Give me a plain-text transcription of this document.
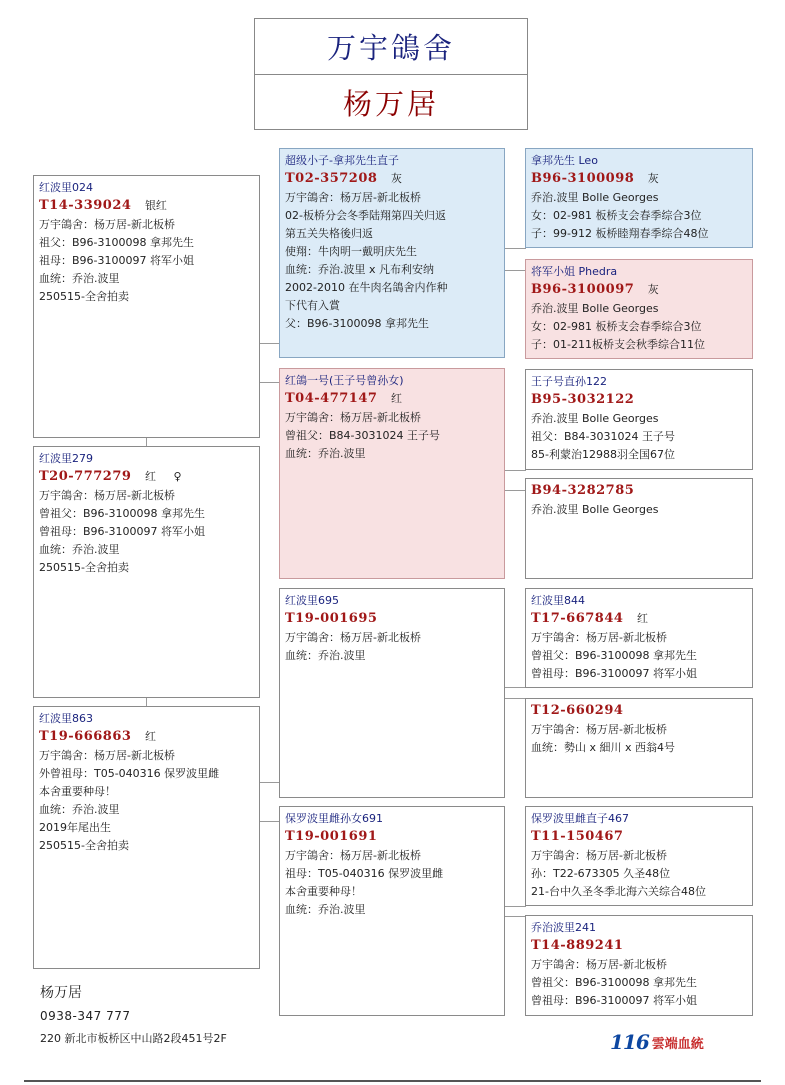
万宇鴿舍
杨万居
红波里024
T14-339024 银红
万宇鴿舍：杨万居-新北板桥
祖父：B96-3100098 拿邦先生
祖母：B96-3100097 将军小姐
血统：乔治.波里
250515-全舍拍卖
红波里279
T20-777279 红 ♀
万宇鴿舍：杨万居-新北板桥
曾祖父：B96-3100098 拿邦先生
曾祖母：B96-3100097 将军小姐
血统：乔治.波里
250515-全舍拍卖
红波里863
T19-666863 红
万宇鴿舍：杨万居-新北板桥
外曾祖母：T05-040316 保罗波里雌
本舍重要种母！
血统：乔治.波里
2019年尾出生
250515-全舍拍卖
超级小子-拿邦先生直子
T02-357208 灰
万宇鴿舍：杨万居-新北板桥
02-板桥分会冬季陆翔第四关归返
第五关失格後归返
使翔：牛肉明一戴明庆先生
血统：乔治.波里 x 凡布利安纳
2002-2010 在牛肉名鴿舍内作种
下代有入賞
父：B96-3100098 拿邦先生
红鴿一号(王子号曾孙女)
T04-477147 红
万宇鴿舍：杨万居-新北板桥
曾祖父：B84-3031024 王子号
血统：乔治.波里
红波里695
T19-001695
万宇鴿舍：杨万居-新北板桥
血统：乔治.波里
保罗波里雌孙女691
T19-001691
万宇鴿舍：杨万居-新北板桥
祖母：T05-040316 保罗波里雌
本舍重要种母！
血统：乔治.波里
拿邦先生 Leo
B96-3100098 灰
乔治.波里 Bolle Georges
女：02-981 板桥支会春季综合3位
子：99-912 板桥睦翔春季综合48位
将军小姐 Phedra
B96-3100097 灰
乔治.波里 Bolle Georges
女：02-981 板桥支会春季综合3位
子：01-211板桥支会秋季综合11位
王子号直孙122
B95-3032122
乔治.波里 Bolle Georges
祖父：B84-3031024 王子号
85-利蒙治12988羽全国67位
B94-3282785
乔治.波里 Bolle Georges
红波里844
T17-667844 红
万宇鴿舍：杨万居-新北板桥
曾祖父：B96-3100098 拿邦先生
曾祖母：B96-3100097 将军小姐
T12-660294
万宇鴿舍：杨万居-新北板桥
血统：勢山 x 細川 x 西翁4号
保罗波里雌直子467
T11-150467
万宇鴿舍：杨万居-新北板桥
孙：T22-673305 久圣48位
21-台中久圣冬季北海六关综合48位
乔治波里241
T14-889241
万宇鴿舍：杨万居-新北板桥
曾祖父：B96-3100098 拿邦先生
曾祖母：B96-3100097 将军小姐
杨万居
0938-347 777
220 新北市板桥区中山路2段451号2F	116 雲端血統
